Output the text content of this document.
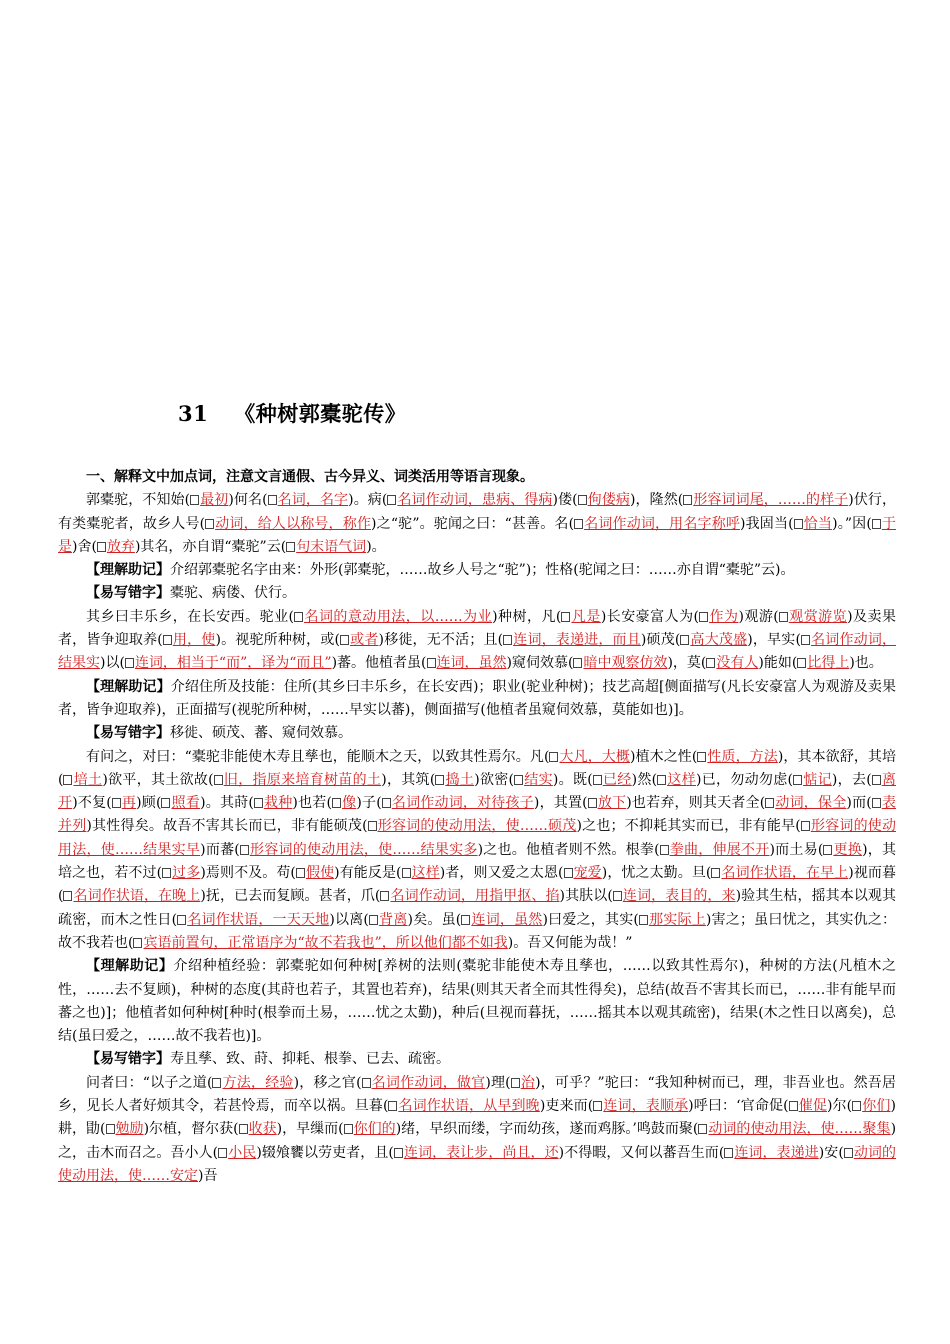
31 《种树郭橐驼传》

一、解释文中加点词，注意文言通假、古今异义、词类活用等语言现象。

郭橐驼，不知始( 最初)何名( 名词，名字)。病( 名词作动词，患病、得病)偻( 佝偻病)，隆然( 形容词词尾，……的样子)伏行，有类橐驼者，故乡人号( 动词，给人以称号，称作)之“驼”。驼闻之曰：“甚善。名( 名词作动词，用名字称呼)我固当( 恰当)。”因( 于是)舍( 放弃)其名，亦自谓“橐驼”云( 句末语气词)。

【理解助记】介绍郭橐驼名字由来：外形(郭橐驼，……故乡人号之“驼”)；性格(驼闻之曰：……亦自谓“橐驼”云)。

【易写错字】橐驼、病偻、伏行。

其乡曰丰乐乡，在长安西。驼业( 名词的意动用法，以……为业)种树，凡( 凡是)长安豪富人为( 作为)观游( 观赏游览)及卖果者，皆争迎取养( 用，使)。视驼所种树，或( 或者)移徙，无不活；且( 连词，表递进，而且)硕茂( 高大茂盛)，早实( 名词作动词，结果实)以( 连词，相当于“而”，译为“而且”)蕃。他植者虽( 连词，虽然)窥伺效慕( 暗中观察仿效)，莫( 没有人)能如( 比得上)也。

【理解助记】介绍住所及技能：住所(其乡曰丰乐乡，在长安西)；职业(驼业种树)；技艺高超[侧面描写(凡长安豪富人为观游及卖果者，皆争迎取养)，正面描写(视驼所种树，……早实以蕃)，侧面描写(他植者虽窥伺效慕，莫能如也)]。

【易写错字】移徙、硕茂、蕃、窥伺效慕。

有问之，对曰：“橐驼非能使木寿且孳也，能顺木之天，以致其性焉尔。凡( 大凡，大概)植木之性( 性质，方法)，其本欲舒，其培( 培土)欲平，其土欲故( 旧，指原来培育树苗的土)，其筑( 捣土)欲密( 结实)。既( 已经)然( 这样)已，勿动勿虑( 惦记)，去( 离开)不复( 再)顾( 照看)。其莳( 栽种)也若( 像)子( 名词作动词，对待孩子)，其置( 放下)也若弃，则其天者全( 动词，保全)而( 表并列)其性得矣。故吾不害其长而已，非有能硕茂( 形容词的使动用法，使……硕茂)之也；不抑耗其实而已，非有能早( 形容词的使动用法，使……结果实早)而蕃( 形容词的使动用法，使……结果实多)之也。他植者则不然。根拳( 拳曲，伸展不开)而土易( 更换)，其培之也，若不过( 过多)焉则不及。苟( 假使)有能反是( 这样)者，则又爱之太恩( 宠爱)，忧之太勤。旦( 名词作状语，在早上)视而暮( 名词作状语，在晚上)抚，已去而复顾。甚者，爪( 名词作动词，用指甲抠、掐)其肤以( 连词，表目的，来)验其生枯，摇其本以观其疏密，而木之性日( 名词作状语，一天天地)以离( 背离)矣。虽( 连词，虽然)曰爱之，其实( 那实际上)害之；虽曰忧之，其实仇之：故不我若也( 宾语前置句，正常语序为“故不若我也”，所以他们都不如我)。吾又何能为哉！”

【理解助记】介绍种植经验：郭橐驼如何种树[养树的法则(橐驼非能使木寿且孳也，……以致其性焉尔)，种树的方法(凡植木之性，……去不复顾)，种树的态度(其莳也若子，其置也若弃)，结果(则其天者全而其性得矣)，总结(故吾不害其长而已，……非有能早而蕃之也)]；他植者如何种树[种时(根拳而土易，……忧之太勤)，种后(旦视而暮抚，……摇其本以观其疏密)，结果(木之性日以离矣)，总结(虽曰爱之，……故不我若也)]。

【易写错字】寿且孳、致、莳、抑耗、根拳、已去、疏密。

问者曰：“以子之道( 方法，经验)，移之官( 名词作动词，做官)理( 治)，可乎？”驼曰：“我知种树而已，理，非吾业也。然吾居乡，见长人者好烦其令，若甚怜焉，而卒以祸。旦暮( 名词作状语，从早到晚)吏来而( 连词，表顺承)呼曰：‘官命促( 催促)尔( 你们)耕，勖( 勉励)尔植，督尔获( 收获)，早缫而( 你们的)绪，早织而缕，字而幼孩，遂而鸡豚。’鸣鼓而聚( 动词的使动用法，使……聚集)之，击木而召之。吾小人( 小民)辍飧饔以劳吏者，且( 连词，表让步，尚且，还)不得暇，又何以蕃吾生而( 连词，表递进)安( 动词的使动用法，使……安定)吾
